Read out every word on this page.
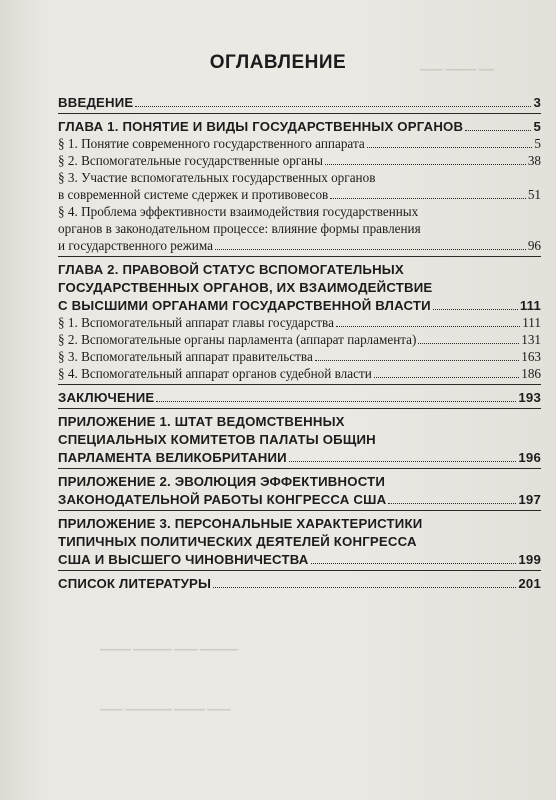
▁▁▁ ▁▁▁▁ ▁▁
▁▁▁▁ ▁▁▁▁▁ ▁▁▁ ▁▁▁▁▁
▁▁▁ ▁▁▁▁▁▁ ▁▁▁▁ ▁▁▁
ОГЛАВЛЕНИЕ
ВВЕДЕНИЕ	3
ГЛАВА 1. ПОНЯТИЕ И ВИДЫ ГОСУДАРСТВЕННЫХ ОРГАНОВ	5
§ 1. Понятие современного государственного аппарата	5
§ 2. Вспомогательные государственные органы	38
§ 3. Участие вспомогательных государственных органов
в современной системе сдержек и противовесов	51
§ 4. Проблема эффективности взаимодействия государственных
органов в законодательном процессе: влияние формы правления
и государственного режима	96
ГЛАВА 2. ПРАВОВОЙ СТАТУС ВСПОМОГАТЕЛЬНЫХ
ГОСУДАРСТВЕННЫХ ОРГАНОВ, ИХ ВЗАИМОДЕЙСТВИЕ
С ВЫСШИМИ ОРГАНАМИ ГОСУДАРСТВЕННОЙ ВЛАСТИ	111
§ 1. Вспомогательный аппарат главы государства	111
§ 2. Вспомогательные органы парламента (аппарат парламента)	131
§ 3. Вспомогательный аппарат правительства	163
§ 4. Вспомогательный аппарат органов судебной власти	186
ЗАКЛЮЧЕНИЕ	193
ПРИЛОЖЕНИЕ 1. ШТАТ ВЕДОМСТВЕННЫХ
СПЕЦИАЛЬНЫХ КОМИТЕТОВ ПАЛАТЫ ОБЩИН
ПАРЛАМЕНТА ВЕЛИКОБРИТАНИИ	196
ПРИЛОЖЕНИЕ 2. ЭВОЛЮЦИЯ ЭФФЕКТИВНОСТИ
ЗАКОНОДАТЕЛЬНОЙ РАБОТЫ КОНГРЕССА США	197
ПРИЛОЖЕНИЕ 3. ПЕРСОНАЛЬНЫЕ ХАРАКТЕРИСТИКИ
ТИПИЧНЫХ ПОЛИТИЧЕСКИХ ДЕЯТЕЛЕЙ КОНГРЕССА
США И ВЫСШЕГО ЧИНОВНИЧЕСТВА	199
СПИСОК ЛИТЕРАТУРЫ	201
